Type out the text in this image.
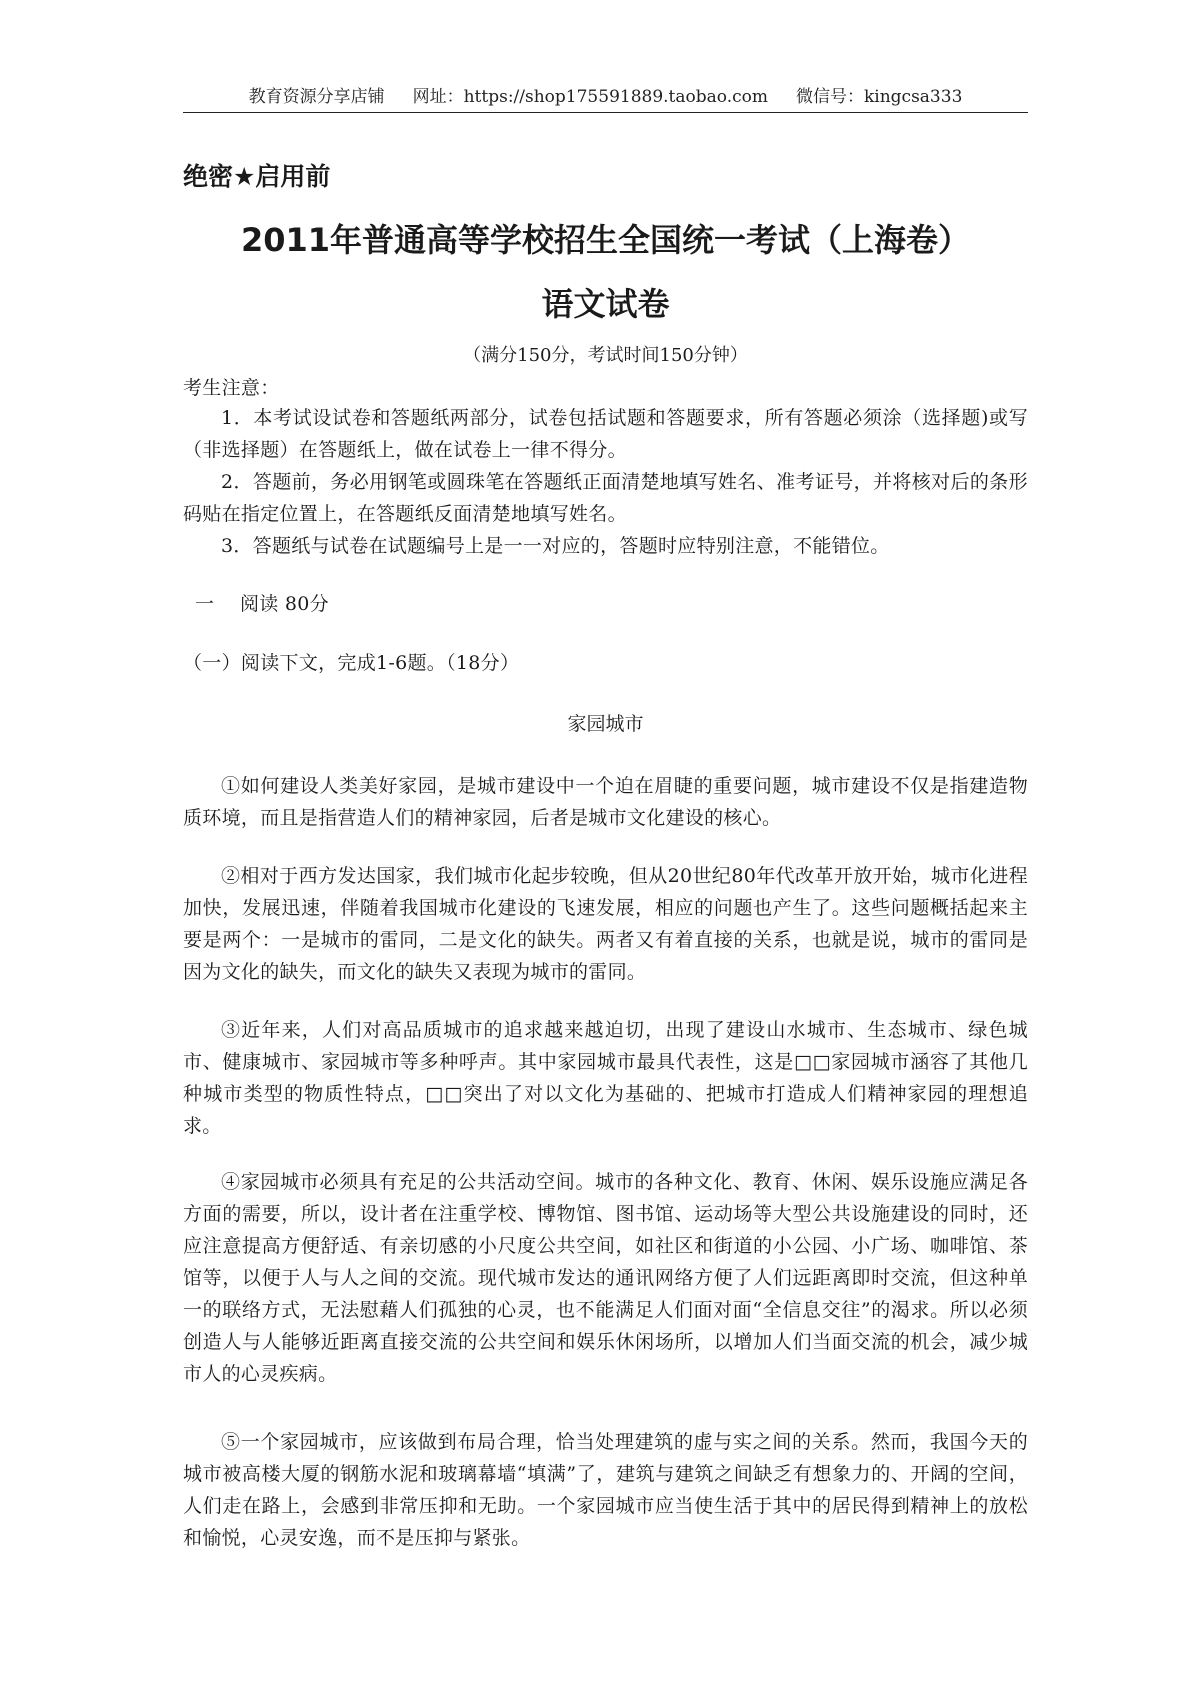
教育资源分享店铺 网址：https://shop175591889.taobao.com 微信号：kingcsa333
绝密★启用前
2011年普通高等学校招生全国统一考试（上海卷）
语文试卷
（满分150分，考试时间150分钟）
考生注意：

1．本考试设试卷和答题纸两部分，试卷包括试题和答题要求，所有答题必须涂（选择题)或写（非选择题）在答题纸上，做在试卷上一律不得分。

2．答题前，务必用钢笔或圆珠笔在答题纸正面清楚地填写姓名、准考证号，并将核对后的条形码贴在指定位置上，在答题纸反面清楚地填写姓名。

3．答题纸与试卷在试题编号上是一一对应的，答题时应特别注意，不能错位。

一　 阅读 80分
（一）阅读下文，完成1-6题。（18分）
家园城市

①如何建设人类美好家园，是城市建设中一个迫在眉睫的重要问题，城市建设不仅是指建造物质环境，而且是指营造人们的精神家园，后者是城市文化建设的核心。

②相对于西方发达国家，我们城市化起步较晚，但从20世纪80年代改革开放开始，城市化进程加快，发展迅速，伴随着我国城市化建设的飞速发展，相应的问题也产生了。这些问题概括起来主要是两个：一是城市的雷同，二是文化的缺失。两者又有着直接的关系，也就是说，城市的雷同是因为文化的缺失，而文化的缺失又表现为城市的雷同。

③近年来，人们对高品质城市的追求越来越迫切，出现了建设山水城市、生态城市、绿色城市、健康城市、家园城市等多种呼声。其中家园城市最具代表性，这是□□家园城市涵容了其他几种城市类型的物质性特点，□□突出了对以文化为基础的、把城市打造成人们精神家园的理想追求。

④家园城市必须具有充足的公共活动空间。城市的各种文化、教育、休闲、娱乐设施应满足各方面的需要，所以，设计者在注重学校、博物馆、图书馆、运动场等大型公共设施建设的同时，还应注意提高方便舒适、有亲切感的小尺度公共空间，如社区和街道的小公园、小广场、咖啡馆、茶馆等，以便于人与人之间的交流。现代城市发达的通讯网络方便了人们远距离即时交流，但这种单一的联络方式，无法慰藉人们孤独的心灵，也不能满足人们面对面“全信息交往”的渴求。所以必须创造人与人能够近距离直接交流的公共空间和娱乐休闲场所，以增加人们当面交流的机会，减少城市人的心灵疾病。

⑤一个家园城市，应该做到布局合理，恰当处理建筑的虚与实之间的关系。然而，我国今天的城市被高楼大厦的钢筋水泥和玻璃幕墙“填满”了，建筑与建筑之间缺乏有想象力的、开阔的空间，人们走在路上，会感到非常压抑和无助。一个家园城市应当使生活于其中的居民得到精神上的放松和愉悦，心灵安逸，而不是压抑与紧张。
